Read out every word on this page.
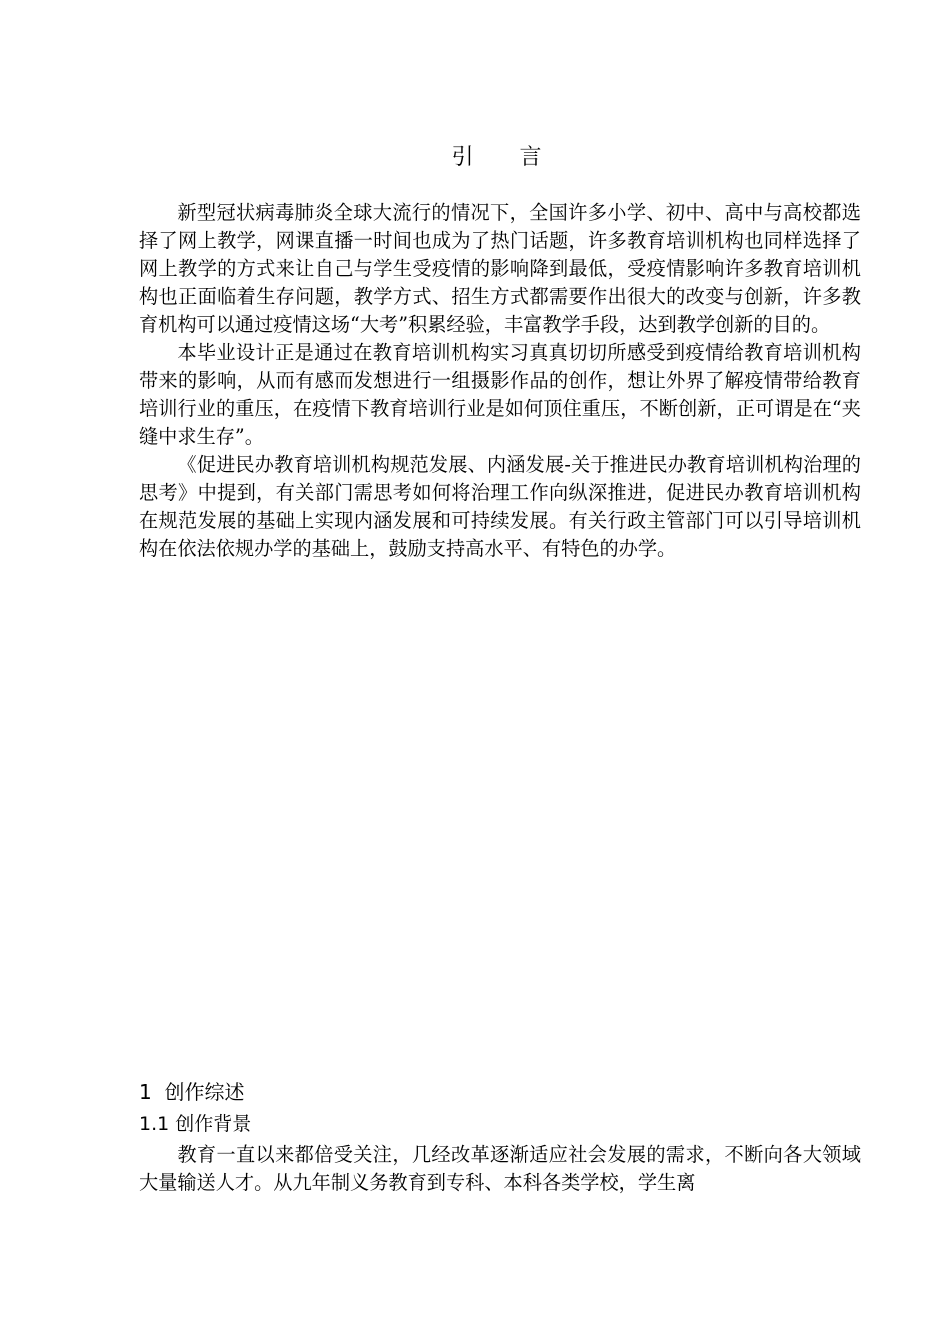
引 言

新型冠状病毒肺炎全球大流行的情况下，全国许多小学、初中、高中与高校都选择了网上教学，网课直播一时间也成为了热门话题，许多教育培训机构也同样选择了网上教学的方式来让自己与学生受疫情的影响降到最低，受疫情影响许多教育培训机构也正面临着生存问题，教学方式、招生方式都需要作出很大的改变与创新，许多教育机构可以通过疫情这场“大考”积累经验，丰富教学手段，达到教学创新的目的。

本毕业设计正是通过在教育培训机构实习真真切切所感受到疫情给教育培训机构带来的影响，从而有感而发想进行一组摄影作品的创作，想让外界了解疫情带给教育培训行业的重压，在疫情下教育培训行业是如何顶住重压，不断创新，正可谓是在“夹缝中求生存”。

《促进民办教育培训机构规范发展、内涵发展-关于推进民办教育培训机构治理的思考》中提到，有关部门需思考如何将治理工作向纵深推进，促进民办教育培训机构在规范发展的基础上实现内涵发展和可持续发展。有关行政主管部门可以引导培训机构在依法依规办学的基础上，鼓励支持高水平、有特色的办学。

1  创作综述
1.1 创作背景

教育一直以来都倍受关注，几经改革逐渐适应社会发展的需求，不断向各大领域大量输送人才。从九年制义务教育到专科、本科各类学校，学生离
